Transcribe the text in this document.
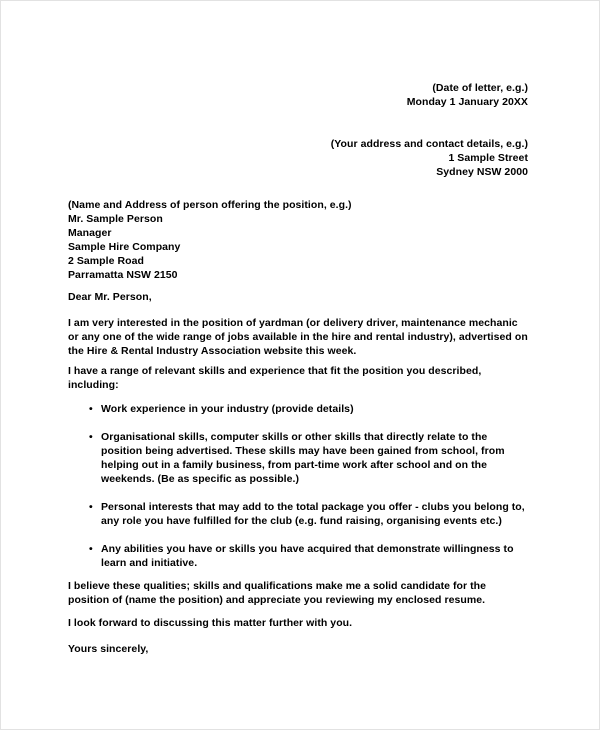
(Date of letter, e.g.)
Monday 1 January 20XX
(Your address and contact details, e.g.)
1 Sample Street
Sydney NSW 2000
(Name and Address of person offering the position, e.g.)
Mr. Sample Person
Manager
Sample Hire Company
2 Sample Road
Parramatta NSW 2150
Dear Mr. Person,
I am very interested in the position of yardman (or delivery driver, maintenance mechanic or any one of the wide range of jobs available in the hire and rental industry), advertised on the Hire & Rental Industry Association website this week.
I have a range of relevant skills and experience that fit the position you described, including:
• Work experience in your industry (provide details)
• Organisational skills, computer skills or other skills that directly relate to the position being advertised. These skills may have been gained from school, from helping out in a family business, from part-time work after school and on the weekends. (Be as specific as possible.)
• Personal interests that may add to the total package you offer - clubs you belong to, any role you have fulfilled for the club (e.g. fund raising, organising events etc.)
• Any abilities you have or skills you have acquired that demonstrate willingness to learn and initiative.
I believe these qualities; skills and qualifications make me a solid candidate for the position of (name the position) and appreciate you reviewing my enclosed resume.
I look forward to discussing this matter further with you.
Yours sincerely,
